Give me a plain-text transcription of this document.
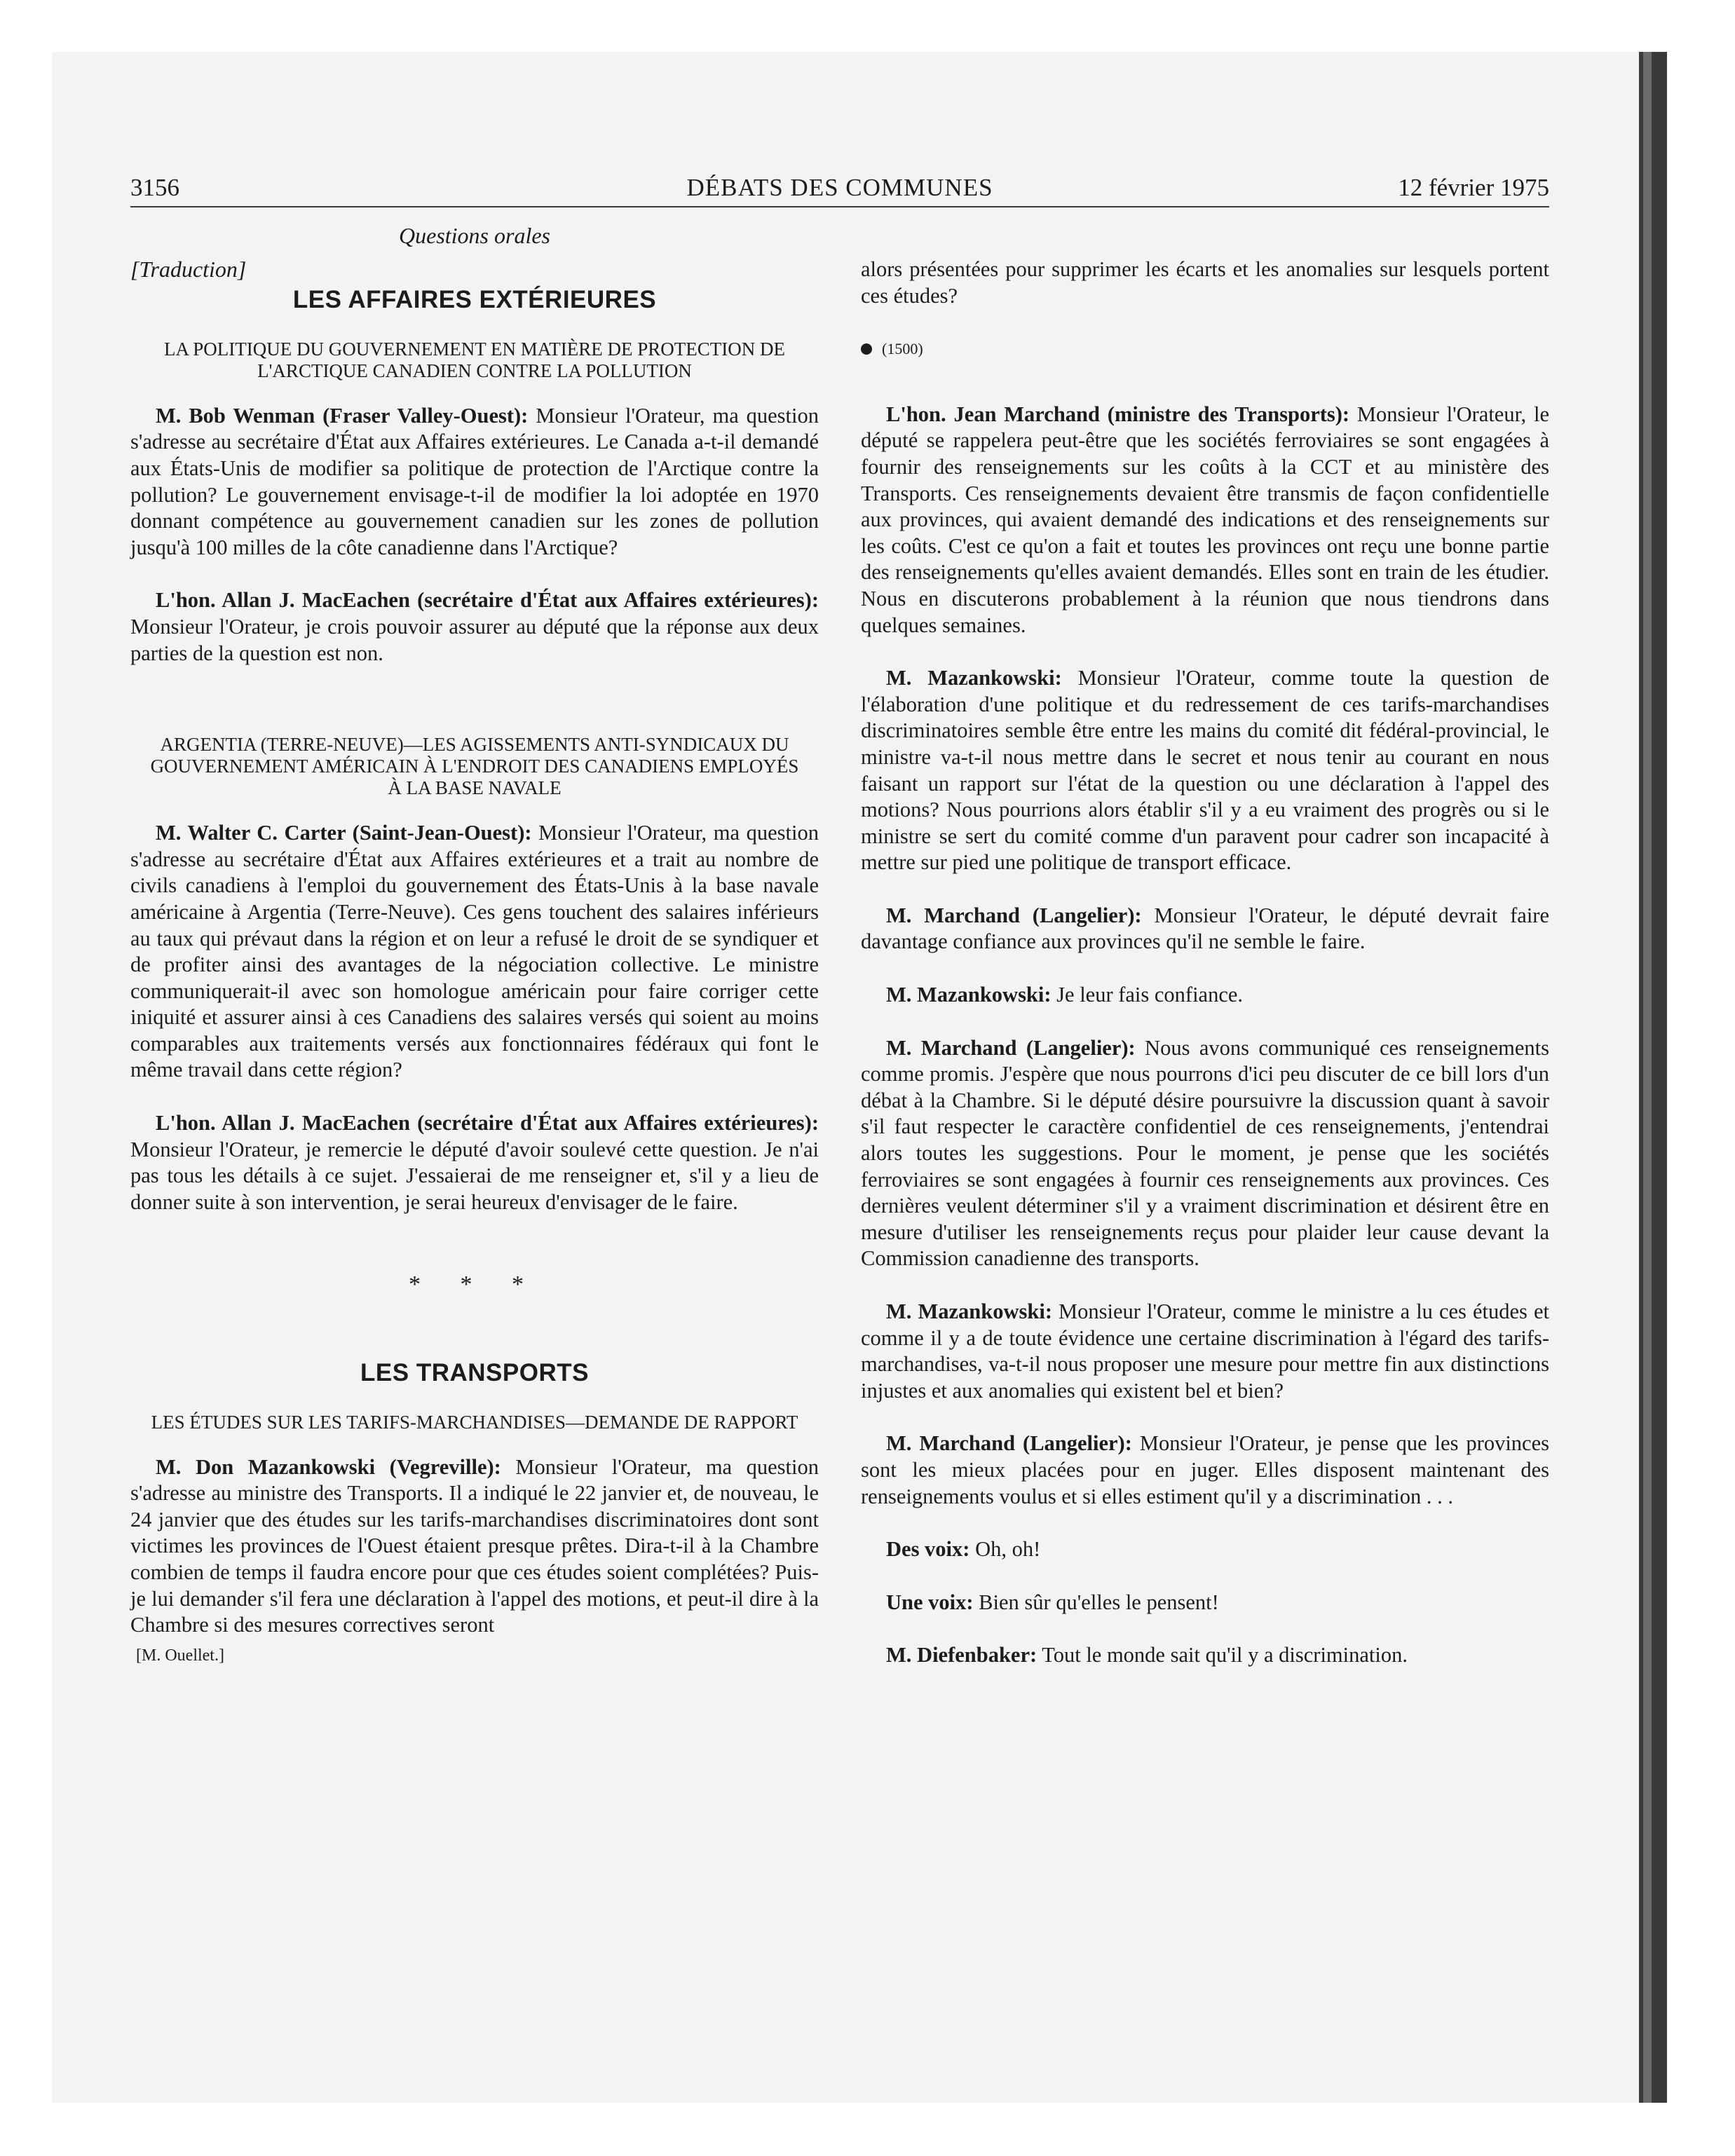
3156	DÉBATS DES COMMUNES	12 février 1975
Questions orales

[Traduction]

LES AFFAIRES EXTÉRIEURES
LA POLITIQUE DU GOUVERNEMENT EN MATIÈRE DE PROTECTION DE L'ARCTIQUE CANADIEN CONTRE LA POLLUTION

M. Bob Wenman (Fraser Valley-Ouest): Monsieur l'Orateur, ma question s'adresse au secrétaire d'État aux Affaires extérieures. Le Canada a-t-il demandé aux États-Unis de modifier sa politique de protection de l'Arctique contre la pollution? Le gouvernement envisage-t-il de modifier la loi adoptée en 1970 donnant compétence au gouvernement canadien sur les zones de pollution jusqu'à 100 milles de la côte canadienne dans l'Arctique?

L'hon. Allan J. MacEachen (secrétaire d'État aux Affaires extérieures): Monsieur l'Orateur, je crois pouvoir assurer au député que la réponse aux deux parties de la question est non.

ARGENTIA (TERRE-NEUVE)—LES AGISSEMENTS ANTI-SYNDICAUX DU GOUVERNEMENT AMÉRICAIN À L'ENDROIT DES CANADIENS EMPLOYÉS À LA BASE NAVALE

M. Walter C. Carter (Saint-Jean-Ouest): Monsieur l'Orateur, ma question s'adresse au secrétaire d'État aux Affaires extérieures et a trait au nombre de civils canadiens à l'emploi du gouvernement des États-Unis à la base navale américaine à Argentia (Terre-Neuve). Ces gens touchent des salaires inférieurs au taux qui prévaut dans la région et on leur a refusé le droit de se syndiquer et de profiter ainsi des avantages de la négociation collective. Le ministre communiquerait-il avec son homologue américain pour faire corriger cette iniquité et assurer ainsi à ces Canadiens des salaires versés qui soient au moins comparables aux traitements versés aux fonctionnaires fédéraux qui font le même travail dans cette région?

L'hon. Allan J. MacEachen (secrétaire d'État aux Affaires extérieures): Monsieur l'Orateur, je remercie le député d'avoir soulevé cette question. Je n'ai pas tous les détails à ce sujet. J'essaierai de me renseigner et, s'il y a lieu de donner suite à son intervention, je serai heureux d'envisager de le faire.

* * *
LES TRANSPORTS
LES ÉTUDES SUR LES TARIFS-MARCHANDISES—DEMANDE DE RAPPORT

M. Don Mazankowski (Vegreville): Monsieur l'Orateur, ma question s'adresse au ministre des Transports. Il a indiqué le 22 janvier et, de nouveau, le 24 janvier que des études sur les tarifs-marchandises discriminatoires dont sont victimes les provinces de l'Ouest étaient presque prêtes. Dira-t-il à la Chambre combien de temps il faudra encore pour que ces études soient complétées? Puis-je lui demander s'il fera une déclaration à l'appel des motions, et peut-il dire à la Chambre si des mesures correctives seront

[M. Ouellet.]

alors présentées pour supprimer les écarts et les anomalies sur lesquels portent ces études?

(1500)

L'hon. Jean Marchand (ministre des Transports): Monsieur l'Orateur, le député se rappelera peut-être que les sociétés ferroviaires se sont engagées à fournir des renseignements sur les coûts à la CCT et au ministère des Transports. Ces renseignements devaient être transmis de façon confidentielle aux provinces, qui avaient demandé des indications et des renseignements sur les coûts. C'est ce qu'on a fait et toutes les provinces ont reçu une bonne partie des renseignements qu'elles avaient demandés. Elles sont en train de les étudier. Nous en discuterons probablement à la réunion que nous tiendrons dans quelques semaines.

M. Mazankowski: Monsieur l'Orateur, comme toute la question de l'élaboration d'une politique et du redressement de ces tarifs-marchandises discriminatoires semble être entre les mains du comité dit fédéral-provincial, le ministre va-t-il nous mettre dans le secret et nous tenir au courant en nous faisant un rapport sur l'état de la question ou une déclaration à l'appel des motions? Nous pourrions alors établir s'il y a eu vraiment des progrès ou si le ministre se sert du comité comme d'un paravent pour cadrer son incapacité à mettre sur pied une politique de transport efficace.

M. Marchand (Langelier): Monsieur l'Orateur, le député devrait faire davantage confiance aux provinces qu'il ne semble le faire.

M. Mazankowski: Je leur fais confiance.

M. Marchand (Langelier): Nous avons communiqué ces renseignements comme promis. J'espère que nous pourrons d'ici peu discuter de ce bill lors d'un débat à la Chambre. Si le député désire poursuivre la discussion quant à savoir s'il faut respecter le caractère confidentiel de ces renseignements, j'entendrai alors toutes les suggestions. Pour le moment, je pense que les sociétés ferroviaires se sont engagées à fournir ces renseignements aux provinces. Ces dernières veulent déterminer s'il y a vraiment discrimination et désirent être en mesure d'utiliser les renseignements reçus pour plaider leur cause devant la Commission canadienne des transports.

M. Mazankowski: Monsieur l'Orateur, comme le ministre a lu ces études et comme il y a de toute évidence une certaine discrimination à l'égard des tarifs-marchandises, va-t-il nous proposer une mesure pour mettre fin aux distinctions injustes et aux anomalies qui existent bel et bien?

M. Marchand (Langelier): Monsieur l'Orateur, je pense que les provinces sont les mieux placées pour en juger. Elles disposent maintenant des renseignements voulus et si elles estiment qu'il y a discrimination . . .

Des voix: Oh, oh!

Une voix: Bien sûr qu'elles le pensent!

M. Diefenbaker: Tout le monde sait qu'il y a discrimination.
